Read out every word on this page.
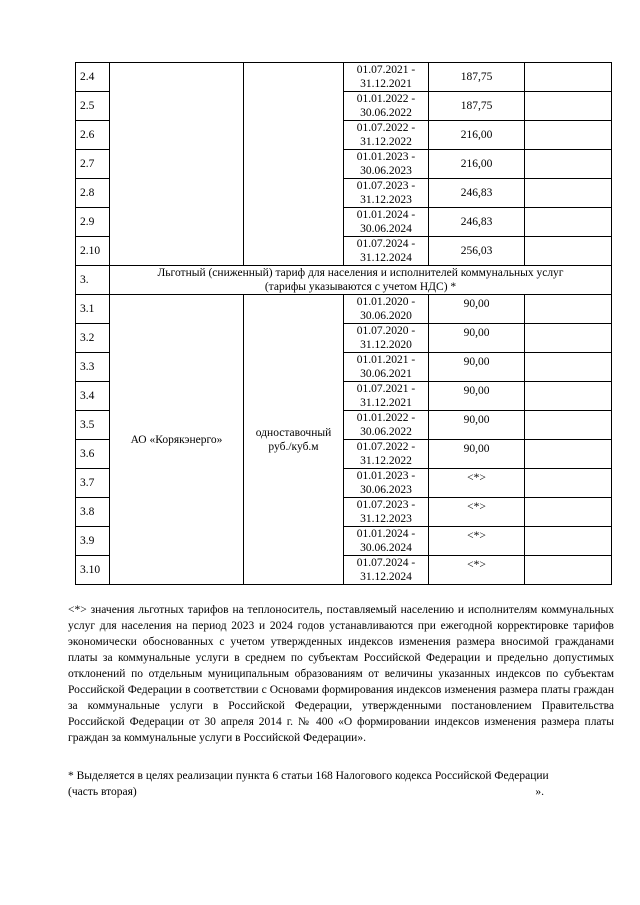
2.4			01.07.2021 -
31.12.2021	187,75	
2.5			01.01.2022 -
30.06.2022	187,75	
2.6			01.07.2022 -
31.12.2022	216,00	
2.7			01.01.2023 -
30.06.2023	216,00	
2.8			01.07.2023 -
31.12.2023	246,83	
2.9			01.01.2024 -
30.06.2024	246,83	
2.10			01.07.2024 -
31.12.2024	256,03	
3.	Льготный (сниженный) тариф для населения и исполнителей коммунальных услуг
(тарифы указываются с учетом НДС) *				
3.1	АО «Корякэнерго»	одноставочный
руб./куб.м	01.01.2020 -
30.06.2020	90,00	
3.2			01.07.2020 -
31.12.2020	90,00	
3.3			01.01.2021 -
30.06.2021	90,00	
3.4			01.07.2021 -
31.12.2021	90,00	
3.5			01.01.2022 -
30.06.2022	90,00	
3.6			01.07.2022 -
31.12.2022	90,00	
3.7			01.01.2023 -
30.06.2023	<*>	
3.8			01.07.2023 -
31.12.2023	<*>	
3.9			01.01.2024 -
30.06.2024	<*>	
3.10			01.07.2024 -
31.12.2024	<*>	

<*> значения льготных тарифов на теплоноситель, поставляемый населению и исполнителям коммунальных услуг для населения на период 2023 и 2024 годов устанавливаются при ежегодной корректировке тарифов экономически обоснованных с учетом утвержденных индексов изменения размера вносимой гражданами платы за коммунальные услуги в среднем по субъектам Российской Федерации и предельно допустимых отклонений по отдельным муниципальным образованиям от величины указанных индексов по субъектам Российской Федерации в соответствии с Основами формирования индексов изменения размера платы граждан за коммунальные услуги в Российской Федерации, утвержденными постановлением Правительства Российской Федерации от 30 апреля 2014 г. № 400 «О формировании индексов изменения размера платы граждан за коммунальные услуги в Российской Федерации».

* Выделяется в целях реализации пункта 6 статьи 168 Налогового кодекса Российской Федерации
(часть вторая)	».
